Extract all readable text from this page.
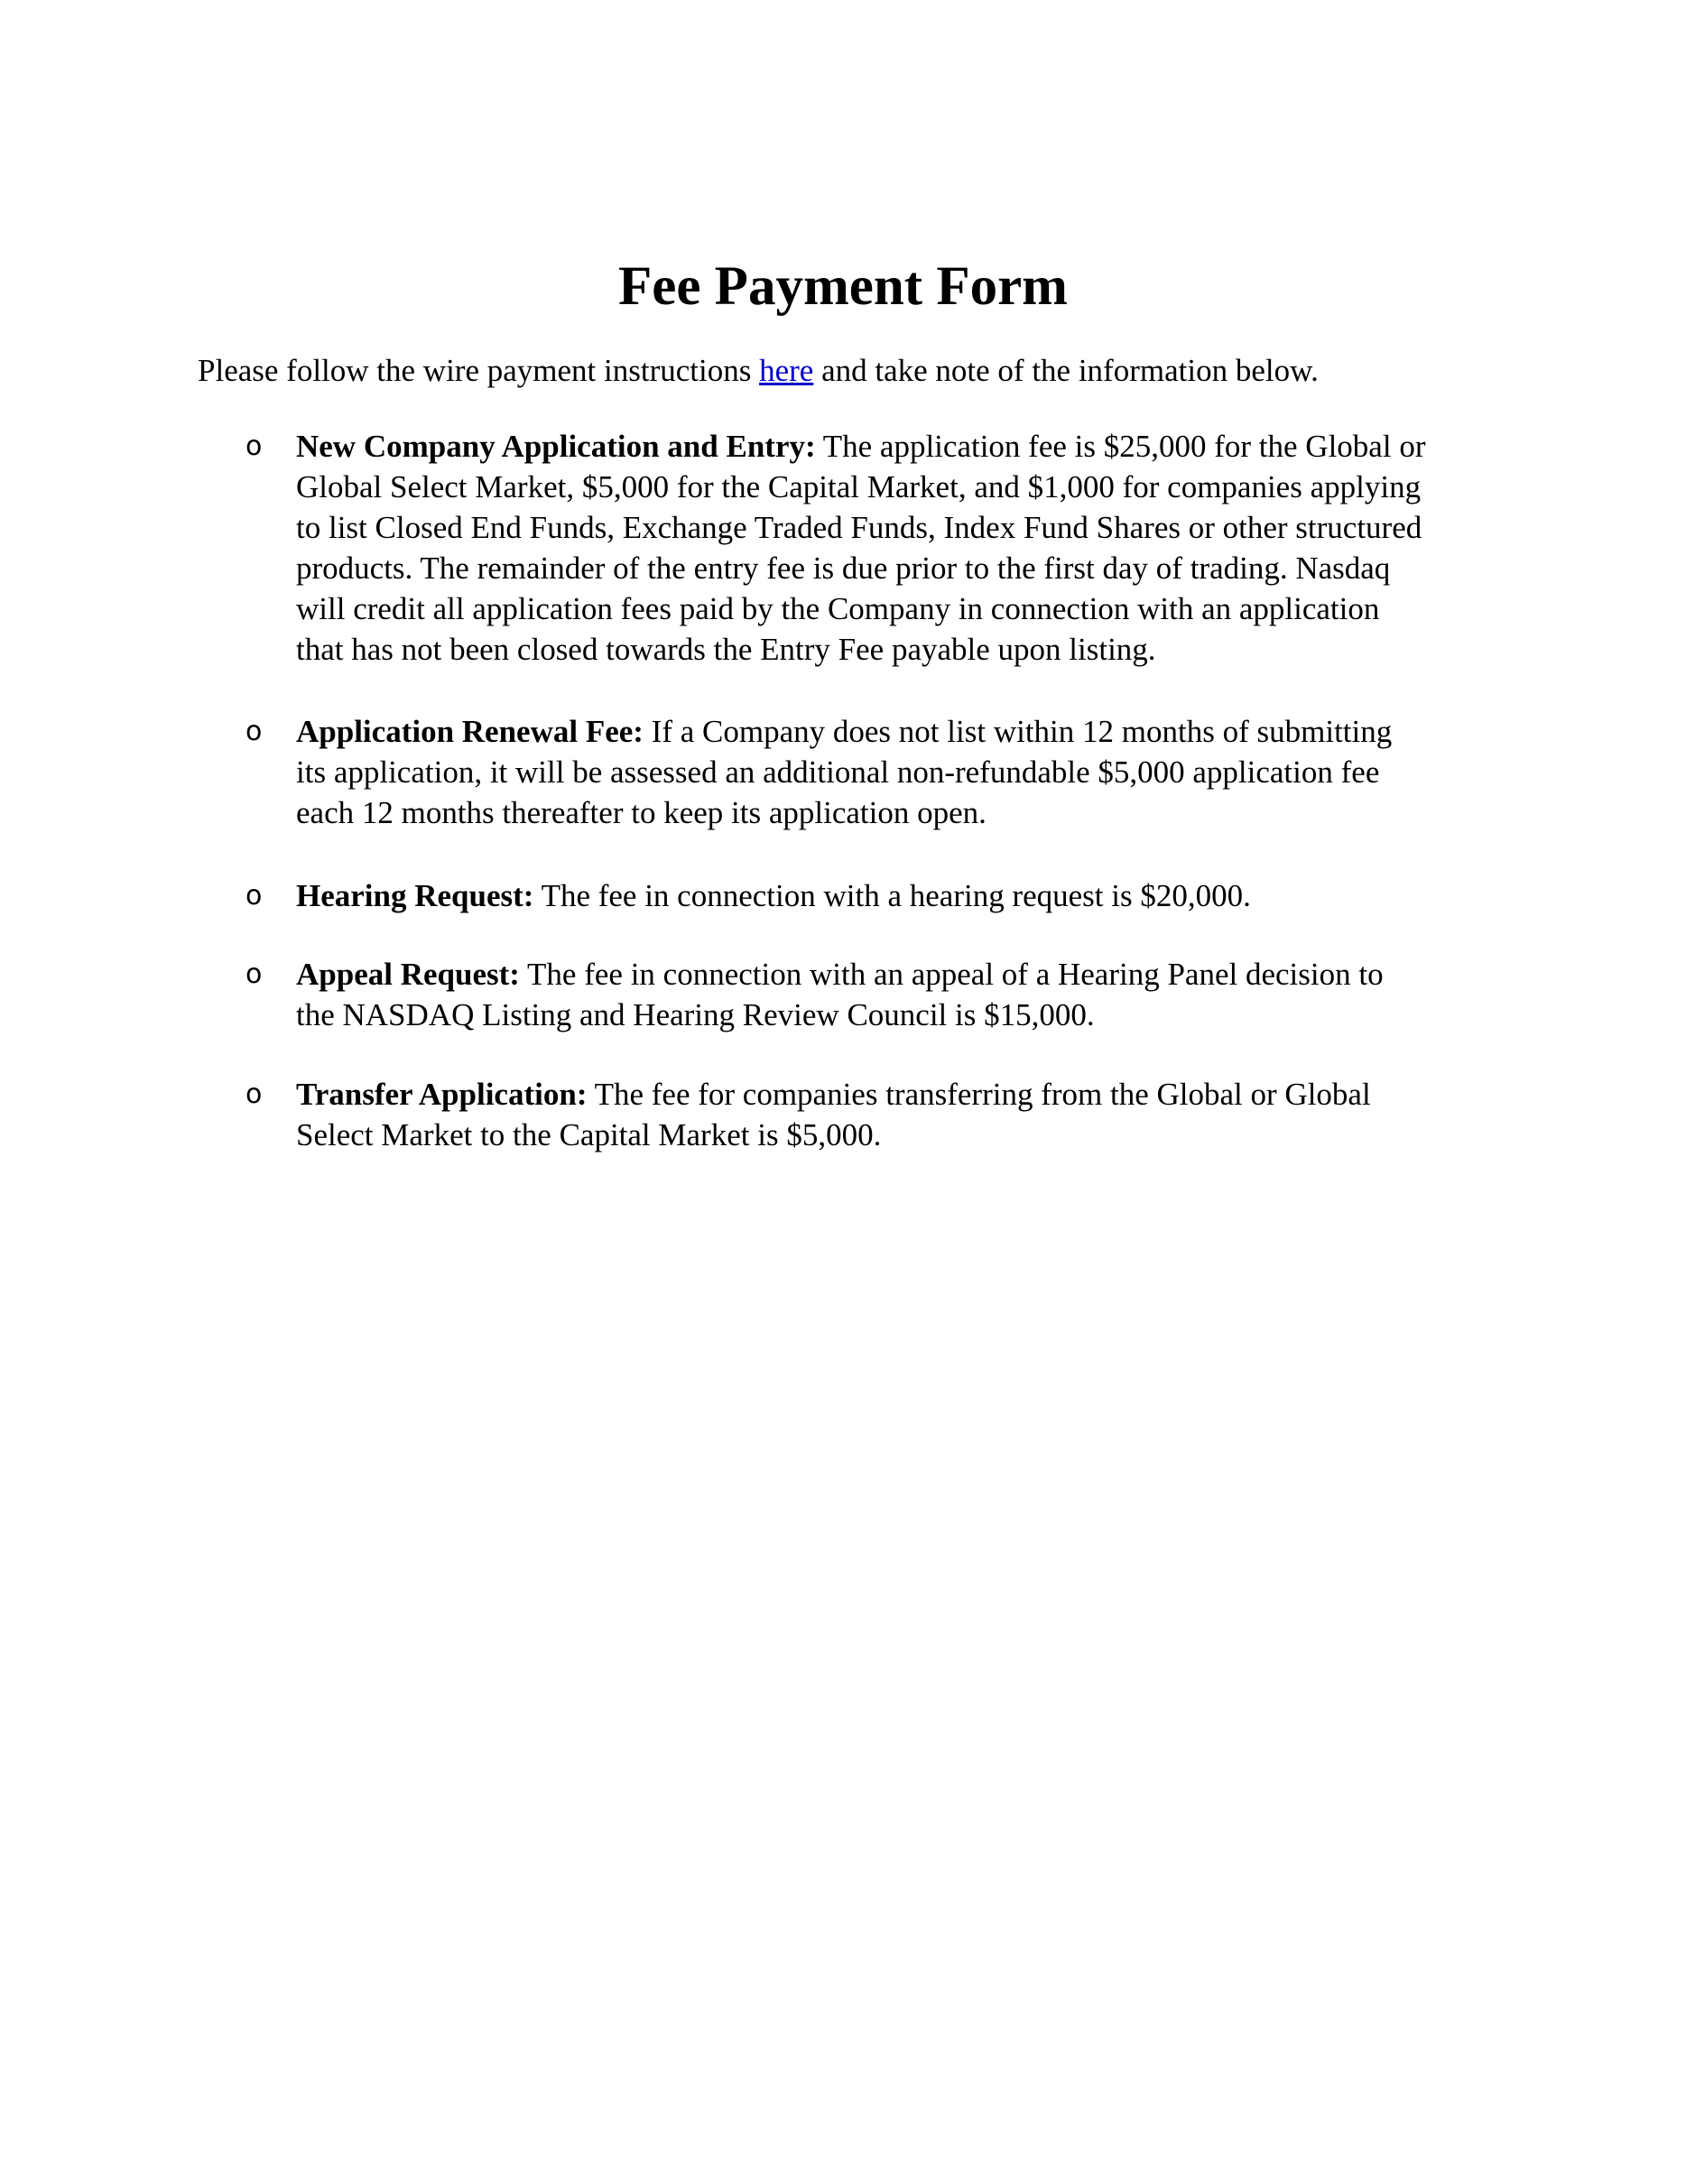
Fee Payment Form

Please follow the wire payment instructions here and take note of the information below.

o New Company Application and Entry: The application fee is $25,000 for the Global or
Global Select Market, $5,000 for the Capital Market, and $1,000 for companies applying
to list Closed End Funds, Exchange Traded Funds, Index Fund Shares or other structured
products. The remainder of the entry fee is due prior to the first day of trading. Nasdaq
will credit all application fees paid by the Company in connection with an application
that has not been closed towards the Entry Fee payable upon listing.

o Application Renewal Fee: If a Company does not list within 12 months of submitting
its application, it will be assessed an additional non-refundable $5,000 application fee
each 12 months thereafter to keep its application open.

o Hearing Request: The fee in connection with a hearing request is $20,000.

o Appeal Request: The fee in connection with an appeal of a Hearing Panel decision to
the NASDAQ Listing and Hearing Review Council is $15,000.

o Transfer Application: The fee for companies transferring from the Global or Global
Select Market to the Capital Market is $5,000.
